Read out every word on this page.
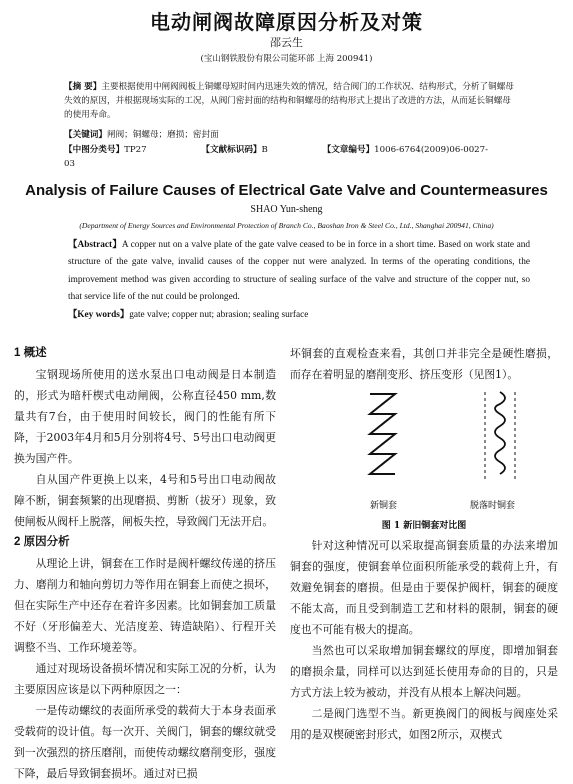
电动闸阀故障原因分析及对策
邵云生
(宝山钢铁股份有限公司能环部 上海 200941)
【摘 要】主要根据使用中闸阀阀板上铜螺母短时间内迅速失效的情况，结合阀门的工作状况、结构形式，分析了铜螺母失效的原因，并根据现场实际的工况，从阀门密封面的结构和铜螺母的结构形式上提出了改进的方法，从而延长铜螺母的使用寿命。
【关键词】闸阀；铜螺母；磨损；密封面
【中图分类号】TP27	【文献标识码】B	【文章编号】1006-6764(2009)06-0027-03
Analysis of Failure Causes of Electrical Gate Valve and Countermeasures
SHAO Yun-sheng
(Department of Energy Sources and Environmental Protection of Branch Co., Baoshan Iron & Steel Co., Ltd., Shanghai 200941, China)
【Abstract】A copper nut on a valve plate of the gate valve ceased to be in force in a short time. Based on work state and structure of the gate valve, invalid causes of the copper nut were analyzed. In terms of the operating conditions, the improvement method was given according to structure of sealing surface of the valve and structure of the copper nut, so that service life of the nut could be prolonged.
【Key words】gate valve; copper nut; abrasion; sealing surface

1 概述

宝钢现场所使用的送水泵出口电动阀是日本制造的，形式为暗杆楔式电动闸阀，公称直径450 mm,数量共有7台，由于使用时间较长，阀门的性能有所下降，于2003年4月和5月分别将4号、5号出口电动阀更换为国产件。

自从国产件更换上以来，4号和5号出口电动阀故障不断，铜套频繁的出现磨损、剪断（拔牙）现象，致使闸板从阀杆上脱落，闸板失控，导致阀门无法开启。

2 原因分析

从理论上讲，铜套在工作时是阀杆螺纹传递的挤压力、磨削力和轴向剪切力等作用在铜套上而使之损坏，但在实际生产中还存在着许多因素。比如铜套加工质量不好（牙形偏差大、光洁度差、铸造缺陷）、行程开关调整不当、工作环境差等。

通过对现场设备损坏情况和实际工况的分析，认为主要原因应该是以下两种原因之一：

一是传动螺纹的表面所承受的载荷大于本身表面承受载荷的设计值。每一次开、关阀门，铜套的螺纹就受到一次强烈的挤压磨削，而使传动螺纹磨削变形，强度下降，最后导致铜套损坏。通过对已损

坏铜套的直观检查来看，其创口并非完全是硬性磨损，而存在着明显的磨削变形、挤压变形（见图1）。

新铜套	脱落时铜套
图 1 新旧铜套对比图

针对这种情况可以采取提高铜套质量的办法来增加铜套的强度，使铜套单位面积所能承受的载荷上升，有效避免铜套的磨损。但是由于要保护阀杆，铜套的硬度不能太高，而且受到制造工艺和材料的限制，铜套的硬度也不可能有极大的提高。

当然也可以采取增加铜套螺纹的厚度，即增加铜套的磨损余量，同样可以达到延长使用寿命的目的，只是方式方法上较为被动，并没有从根本上解决问题。

二是阀门选型不当。新更换阀门的阀板与阀座处采用的是双楔硬密封形式，如图2所示，双楔式
